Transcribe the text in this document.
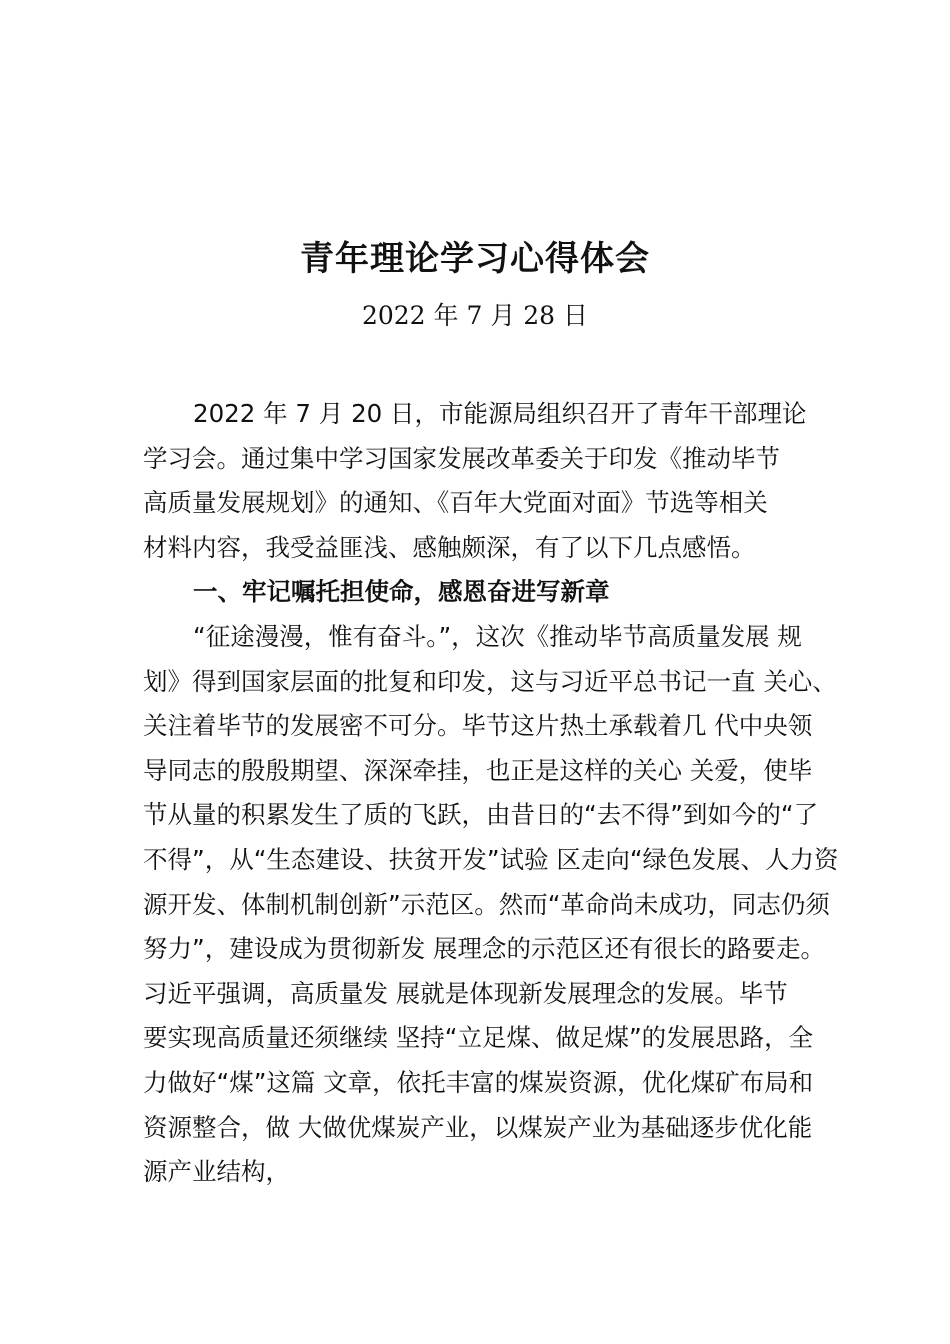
青年理论学习心得体会
2022 年 7 月 28 日
2022 年 7 月 20 日，市能源局组织召开了青年干部理论
学习会。通过集中学习国家发展改革委关于印发《推动毕节
高质量发展规划》的通知、《百年大党面对面》节选等相关
材料内容，我受益匪浅、感触颇深，有了以下几点感悟。
一、牢记嘱托担使命，感恩奋进写新章
“征途漫漫，惟有奋斗。”，这次《推动毕节高质量发展 规
划》得到国家层面的批复和印发，这与习近平总书记一直 关心、
关注着毕节的发展密不可分。毕节这片热土承载着几 代中央领
导同志的殷殷期望、深深牵挂，也正是这样的关心 关爱，使毕
节从量的积累发生了质的飞跃，由昔日的“去不得”到如今的“了
不得”，从“生态建设、扶贫开发”试验 区走向“绿色发展、人力资
源开发、体制机制创新”示范区。然而“革命尚未成功，同志仍须
努力”，建设成为贯彻新发 展理念的示范区还有很长的路要走。
习近平强调，高质量发 展就是体现新发展理念的发展。毕节
要实现高质量还须继续 坚持“立足煤、做足煤”的发展思路，全
力做好“煤”这篇 文章，依托丰富的煤炭资源，优化煤矿布局和
资源整合，做 大做优煤炭产业，以煤炭产业为基础逐步优化能
源产业结构，
